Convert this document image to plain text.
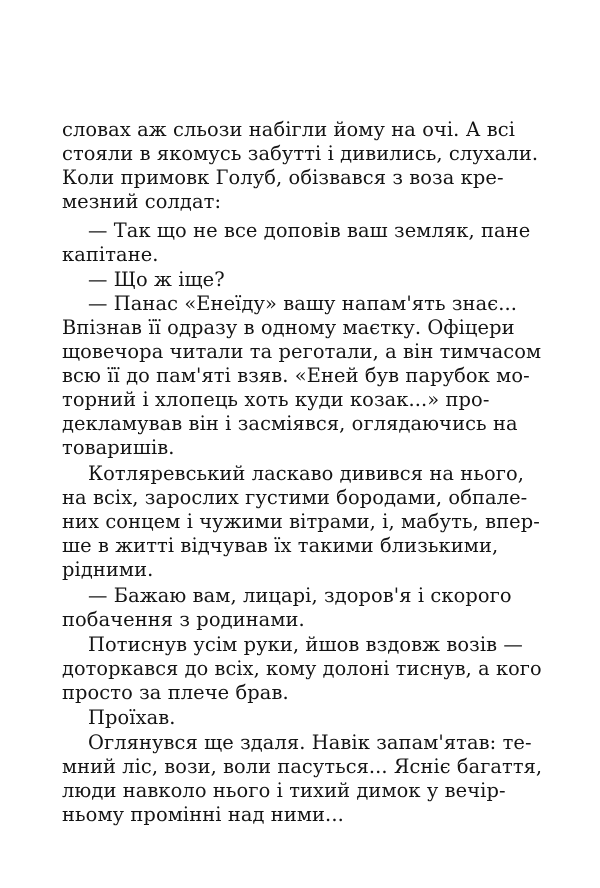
словах аж сльози набігли йому на очі. А всі
стояли в якомусь забутті і дивились, слухали.
Коли примовк Голуб, обізвався з воза кре-
мезний солдат:
— Так що не все доповів ваш земляк, пане
капітане.
— Що ж іще?
— Панас «Енеїду» вашу напам'ять знає...
Впізнав її одразу в одному маєтку. Офіцери
щовечора читали та реготали, а він тимчасом
всю її до пам'яті взяв. «Еней був парубок мо-
торний і хлопець хоть куди козак...» про-
декламував він і засміявся, оглядаючись на
товаришів.
Котляревський ласкаво дивився на нього,
на всіх, зарослих густими бородами, обпале-
них сонцем і чужими вітрами, і, мабуть, впер-
ше в житті відчував їх такими близькими,
рідними.
— Бажаю вам, лицарі, здоров'я і скорого
побачення з родинами.
Потиснув усім руки, йшов вздовж возів —
доторкався до всіх, кому долоні тиснув, а кого
просто за плече брав.
Проїхав.
Оглянувся ще здаля. Навік запам'ятав: те-
мний ліс, вози, воли пасуться... Ясніє багаття,
люди навколо нього і тихий димок у вечір-
ньому промінні над ними...
